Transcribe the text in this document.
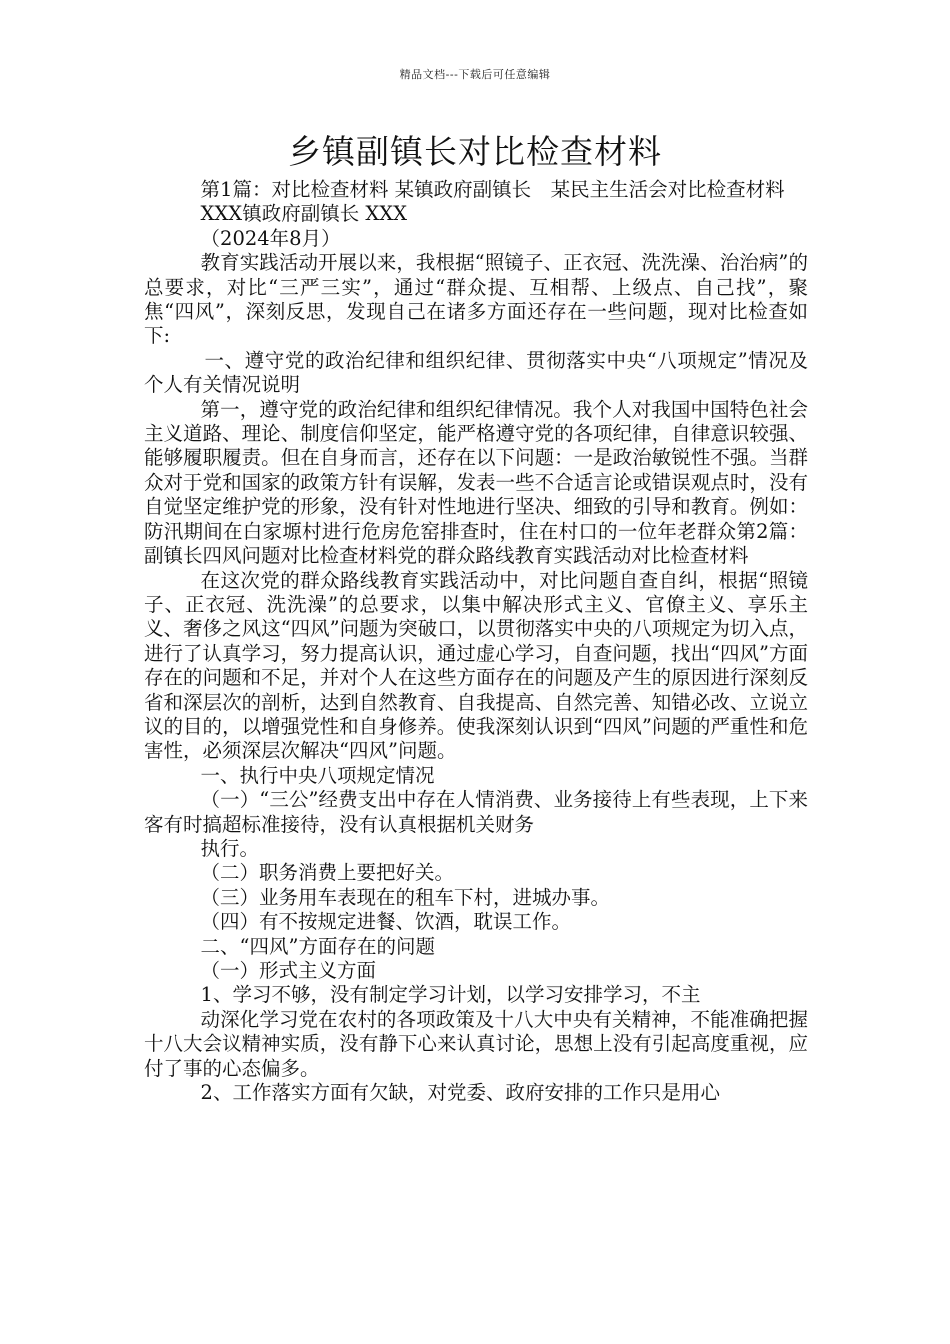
精品文档---下载后可任意编辑
乡镇副镇长对比检查材料

第1篇：对比检查材料 某镇政府副镇长　某民主生活会对比检查材料

XXX镇政府副镇长 XXX

（2024年8月）

教育实践活动开展以来，我根据“照镜子、正衣冠、洗洗澡、治治病”的总要求，对比“三严三实”，通过“群众提、互相帮、上级点、自己找”，聚焦“四风”，深刻反思，发现自己在诸多方面还存在一些问题，现对比检查如下:

一、遵守党的政治纪律和组织纪律、贯彻落实中央“八项规定”情况及个人有关情况说明

第一，遵守党的政治纪律和组织纪律情况。我个人对我国中国特色社会主义道路、理论、制度信仰坚定，能严格遵守党的各项纪律，自律意识较强、能够履职履责。但在自身而言，还存在以下问题：一是政治敏锐性不强。当群众对于党和国家的政策方针有误解，发表一些不合适言论或错误观点时，没有自觉坚定维护党的形象，没有针对性地进行坚决、细致的引导和教育。例如：防汛期间在白家塬村进行危房危窑排查时，住在村口的一位年老群众第2篇：副镇长四风问题对比检查材料党的群众路线教育实践活动对比检查材料

在这次党的群众路线教育实践活动中，对比问题自查自纠，根据“照镜子、正衣冠、洗洗澡”的总要求，以集中解决形式主义、官僚主义、享乐主义、奢侈之风这“四风”问题为突破口，以贯彻落实中央的八项规定为切入点，进行了认真学习，努力提高认识，通过虚心学习，自查问题，找出“四风”方面存在的问题和不足，并对个人在这些方面存在的问题及产生的原因进行深刻反省和深层次的剖析，达到自然教育、自我提高、自然完善、知错必改、立说立议的目的，以增强党性和自身修养。使我深刻认识到“四风”问题的严重性和危害性，必须深层次解决“四风”问题。

一、执行中央八项规定情况

（一）“三公”经费支出中存在人情消费、业务接待上有些表现，上下来客有时搞超标准接待，没有认真根据机关财务

执行。

（二）职务消费上要把好关。

（三）业务用车表现在的租车下村，进城办事。

（四）有不按规定进餐、饮酒，耽误工作。

二、“四风”方面存在的问题

（一）形式主义方面

1、学习不够，没有制定学习计划，以学习安排学习，不主

动深化学习党在农村的各项政策及十八大中央有关精神，不能准确把握十八大会议精神实质，没有静下心来认真讨论，思想上没有引起高度重视，应付了事的心态偏多。

2、工作落实方面有欠缺，对党委、政府安排的工作只是用心
